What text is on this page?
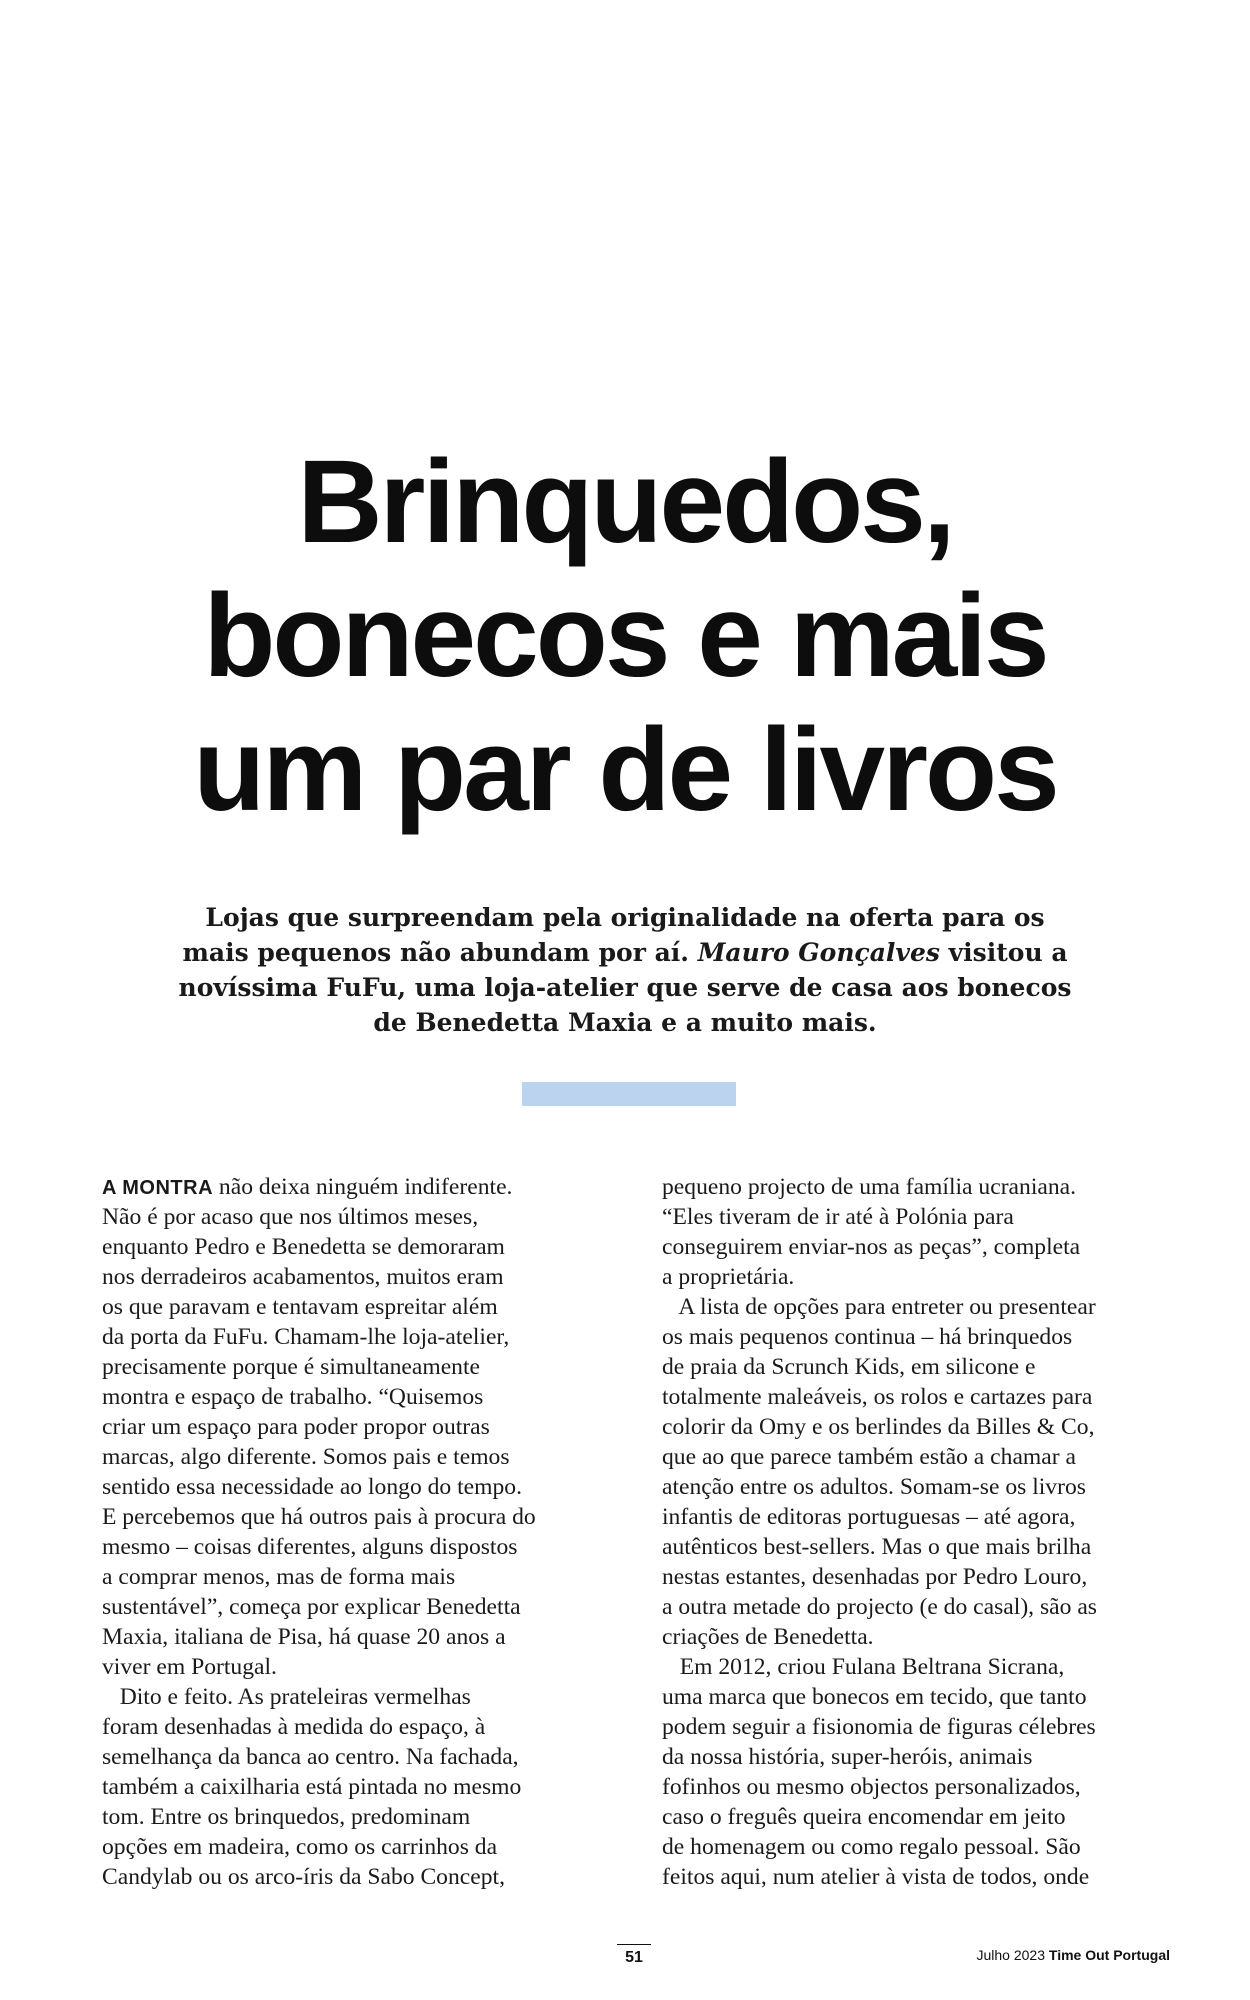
Brinquedos,
bonecos e mais
um par de livros

Lojas que surpreendam pela originalidade na oferta para os mais pequenos não abundam por aí. Mauro Gonçalves visitou a novíssima FuFu, uma loja-atelier que serve de casa aos bonecos de Benedetta Maxia e a muito mais.

A MONTRA não deixa ninguém indiferente.
Não é por acaso que nos últimos meses,
enquanto Pedro e Benedetta se demoraram
nos derradeiros acabamentos, muitos eram
os que paravam e tentavam espreitar além
da porta da FuFu. Chamam-lhe loja-atelier,
precisamente porque é simultaneamente
montra e espaço de trabalho. “Quisemos
criar um espaço para poder propor outras
marcas, algo diferente. Somos pais e temos
sentido essa necessidade ao longo do tempo.
E percebemos que há outros pais à procura do
mesmo – coisas diferentes, alguns dispostos
a comprar menos, mas de forma mais
sustentável”, começa por explicar Benedetta
Maxia, italiana de Pisa, há quase 20 anos a
viver em Portugal.
Dito e feito. As prateleiras vermelhas
foram desenhadas à medida do espaço, à
semelhança da banca ao centro. Na fachada,
também a caixilharia está pintada no mesmo
tom. Entre os brinquedos, predominam
opções em madeira, como os carrinhos da
Candylab ou os arco-íris da Sabo Concept,
pequeno projecto de uma família ucraniana.
“Eles tiveram de ir até à Polónia para
conseguirem enviar-nos as peças”, completa
a proprietária.
A lista de opções para entreter ou presentear
os mais pequenos continua – há brinquedos
de praia da Scrunch Kids, em silicone e
totalmente maleáveis, os rolos e cartazes para
colorir da Omy e os berlindes da Billes & Co,
que ao que parece também estão a chamar a
atenção entre os adultos. Somam-se os livros
infantis de editoras portuguesas – até agora,
autênticos best-sellers. Mas o que mais brilha
nestas estantes, desenhadas por Pedro Louro,
a outra metade do projecto (e do casal), são as
criações de Benedetta.
Em 2012, criou Fulana Beltrana Sicrana,
uma marca que bonecos em tecido, que tanto
podem seguir a fisionomia de figuras célebres
da nossa história, super-heróis, animais
fofinhos ou mesmo objectos personalizados,
caso o freguês queira encomendar em jeito
de homenagem ou como regalo pessoal. São
feitos aqui, num atelier à vista de todos, onde
51	Julho 2023 Time Out Portugal
